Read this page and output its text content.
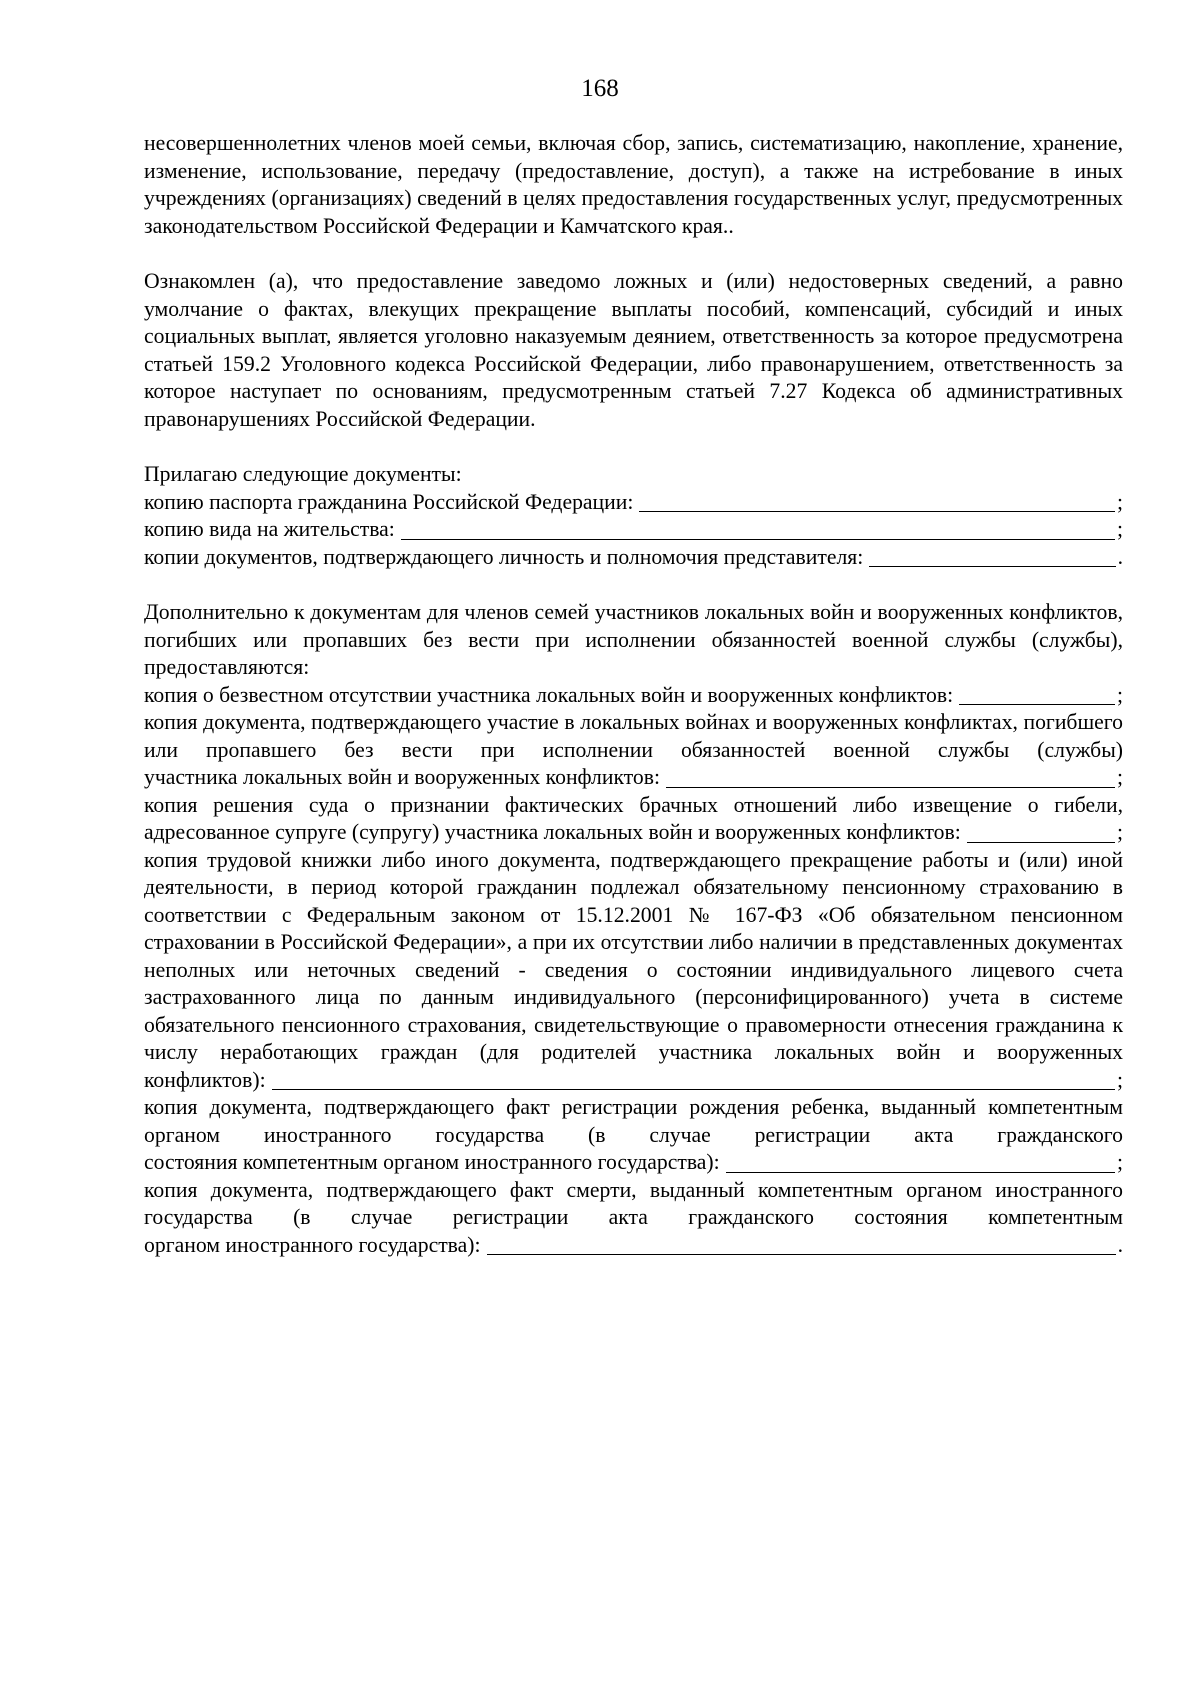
168

несовершеннолетних членов моей семьи, включая сбор, запись, систематизацию, накопление, хранение, изменение, использование, передачу (предоставление, доступ), а также на истребование в иных учреждениях (организациях) сведений в целях предоставления государственных услуг, предусмотренных законодательством Российской Федерации и Камчатского края..

Ознакомлен (а), что предоставление заведомо ложных и (или) недостоверных сведений, а равно умолчание о фактах, влекущих прекращение выплаты пособий, компенсаций, субсидий и иных социальных выплат, является уголовно наказуемым деянием, ответственность за которое предусмотрена статьей 159.2 Уголовного кодекса Российской Федерации, либо правонарушением, ответственность за которое наступает по основаниям, предусмотренным статьей 7.27 Кодекса об административных правонарушениях Российской Федерации.

Прилагаю следующие документы:

копию паспорта гражданина Российской Федерации:	;
копию вида на жительства:	;
копии документов, подтверждающего личность и полномочия представителя:	.

Дополнительно к документам для членов семей участников локальных войн и вооруженных конфликтов, погибших или пропавших без вести при исполнении обязанностей военной службы (службы), предоставляются:

копия о безвестном отсутствии участника локальных войн и вооруженных конфликтов:	;

копия документа, подтверждающего участие в локальных войнах и вооруженных конфликтах, погибшего или пропавшего без вести при исполнении обязанностей военной службы (службы)

участника локальных войн и вооруженных конфликтов:	;

копия решения суда о признании фактических брачных отношений либо извещение о гибели,

адресованное супруге (супругу) участника локальных войн и вооруженных конфликтов:	;

копия трудовой книжки либо иного документа, подтверждающего прекращение работы и (или) иной деятельности, в период которой гражданин подлежал обязательному пенсионному страхованию в соответствии с Федеральным законом от 15.12.2001 № 167-ФЗ «Об обязательном пенсионном страховании в Российской Федерации», а при их отсутствии либо наличии в представленных документах неполных или неточных сведений - сведения о состоянии индивидуального лицевого счета застрахованного лица по данным индивидуального (персонифицированного) учета в системе обязательного пенсионного страхования, свидетельствующие о правомерности отнесения гражданина к числу неработающих граждан (для родителей участника локальных войн и вооруженных

конфликтов):	;

копия документа, подтверждающего факт регистрации рождения ребенка, выданный компетентным органом иностранного государства (в случае регистрации акта гражданского

состояния компетентным органом иностранного государства):	;

копия документа, подтверждающего факт смерти, выданный компетентным органом иностранного государства (в случае регистрации акта гражданского состояния компетентным

органом иностранного государства):	.
